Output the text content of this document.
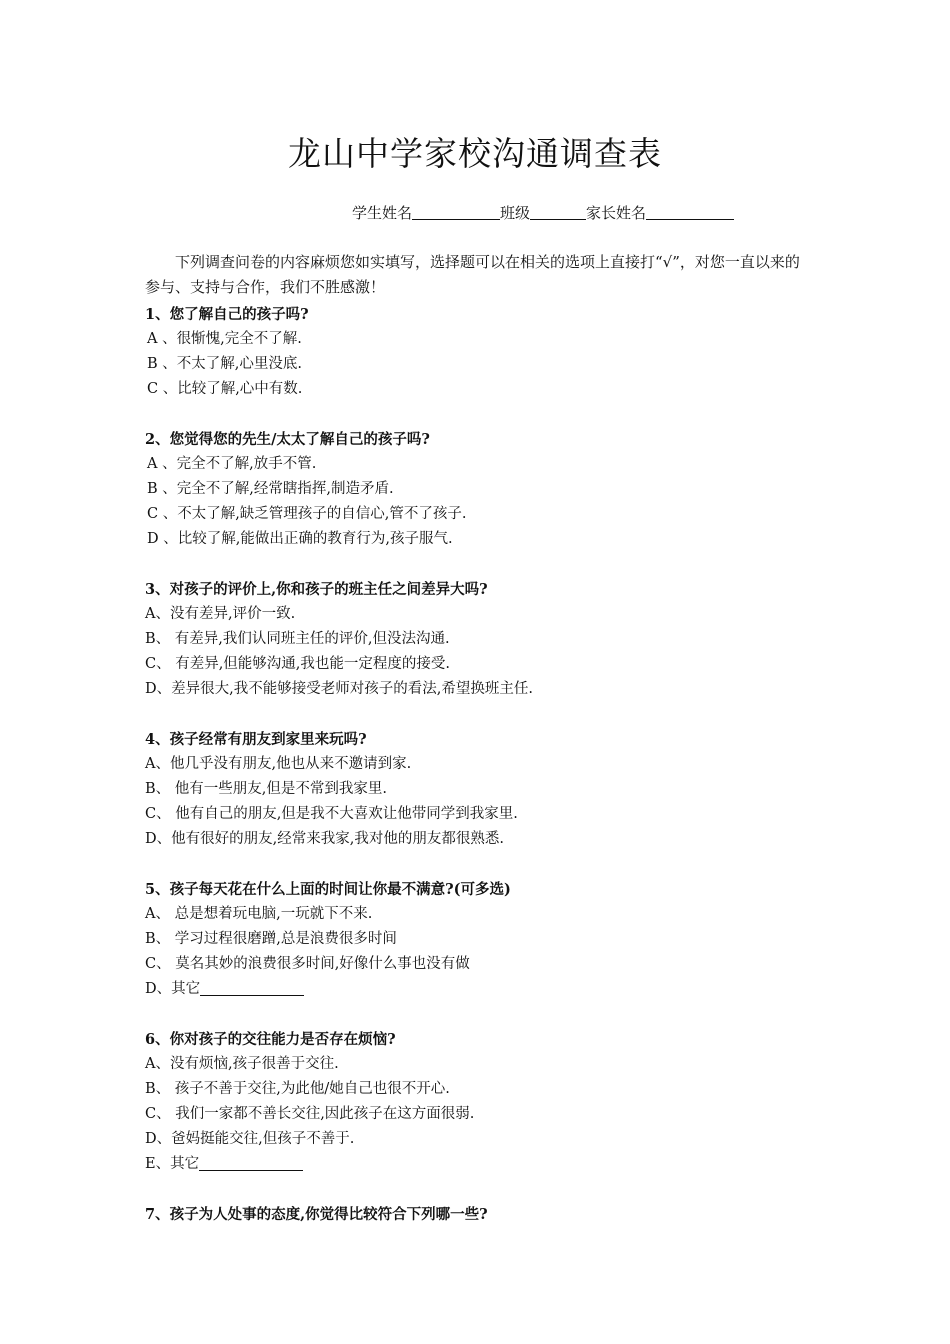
龙山中学家校沟通调查表
学生姓名	班级	家长姓名

下列调查问卷的内容麻烦您如实填写，选择题可以在相关的选项上直接打“√”，对您一直以来的参与、支持与合作，我们不胜感激！

1、您了解自己的孩子吗?
A 、很惭愧,完全不了解.
B 、不太了解,心里没底.
C 、比较了解,心中有数.
2、您觉得您的先生/太太了解自己的孩子吗?
A 、完全不了解,放手不管.
B 、完全不了解,经常瞎指挥,制造矛盾.
C 、不太了解,缺乏管理孩子的自信心,管不了孩子.
D 、比较了解,能做出正确的教育行为,孩子服气.
3、对孩子的评价上,你和孩子的班主任之间差异大吗?
A、没有差异,评价一致.
B、 有差异,我们认同班主任的评价,但没法沟通.
C、 有差异,但能够沟通,我也能一定程度的接受.
D、差异很大,我不能够接受老师对孩子的看法,希望换班主任.
4、孩子经常有朋友到家里来玩吗?
A、他几乎没有朋友,他也从来不邀请到家.
B、 他有一些朋友,但是不常到我家里.
C、 他有自己的朋友,但是我不大喜欢让他带同学到我家里.
D、他有很好的朋友,经常来我家,我对他的朋友都很熟悉.
5、孩子每天花在什么上面的时间让你最不满意?(可多选)
A、 总是想着玩电脑,一玩就下不来.
B、 学习过程很磨蹭,总是浪费很多时间
C、 莫名其妙的浪费很多时间,好像什么事也没有做
D、其它
6、你对孩子的交往能力是否存在烦恼?
A、没有烦恼,孩子很善于交往.
B、 孩子不善于交往,为此他/她自己也很不开心.
C、 我们一家都不善长交往,因此孩子在这方面很弱.
D、爸妈挺能交往,但孩子不善于.
E、其它
7、孩子为人处事的态度,你觉得比较符合下列哪一些?
